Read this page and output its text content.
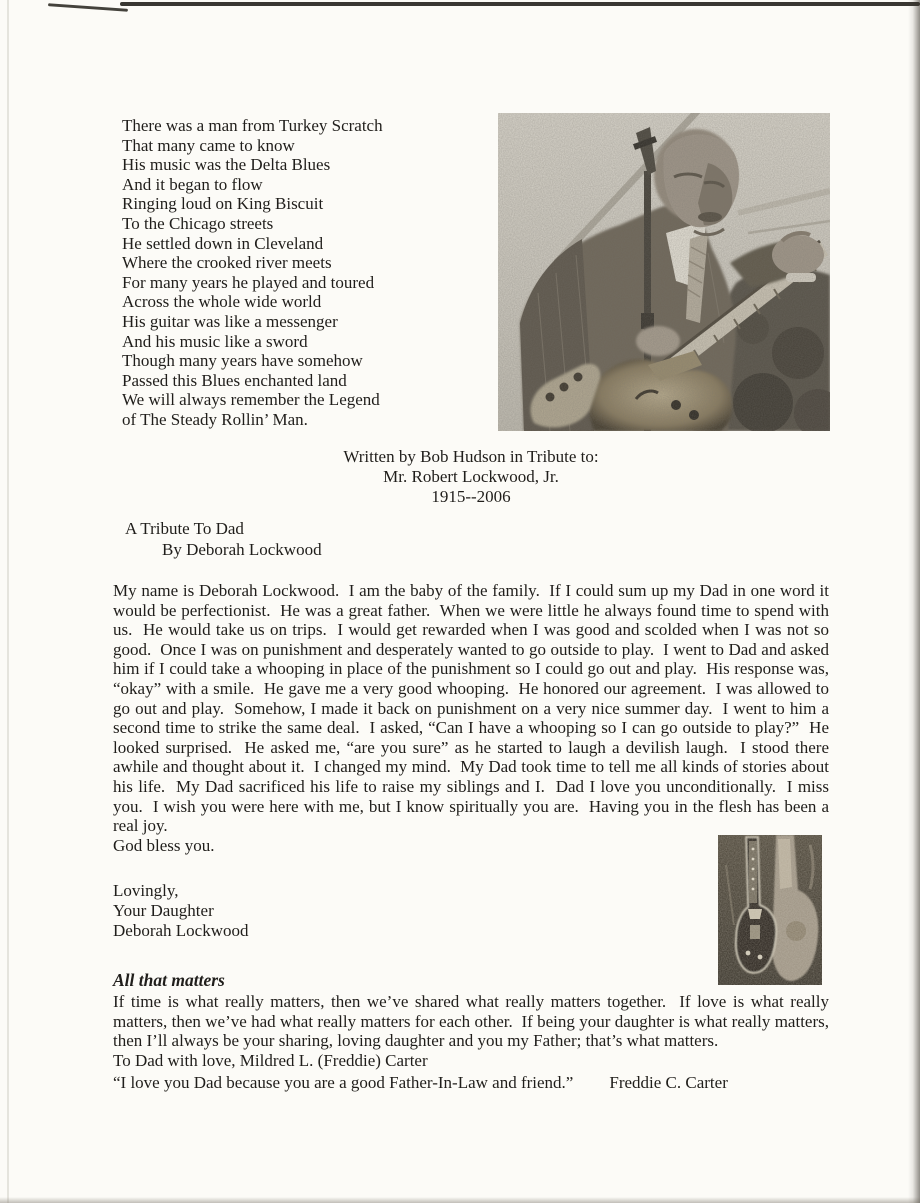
There was a man from Turkey Scratch
That many came to know
His music was the Delta Blues
And it began to flow
Ringing loud on King Biscuit
To the Chicago streets
He settled down in Cleveland
Where the crooked river meets
For many years he played and toured
Across the whole wide world
His guitar was like a messenger
And his music like a sword
Though many years have somehow
Passed this Blues enchanted land
We will always remember the Legend
of The Steady Rollin’ Man.
Written by Bob Hudson in Tribute to:
Mr. Robert Lockwood, Jr.
1915--2006
A Tribute To Dad
By Deborah Lockwood
My name is Deborah Lockwood.  I am the baby of the family.  If I could sum up my Dad in one word it would be perfectionist.  He was a great father.  When we were little he always found time to spend with us.  He would take us on trips.  I would get rewarded when I was good and scolded when I was not so good.  Once I was on punishment and desperately wanted to go outside to play.  I went to Dad and asked him if I could take a whooping in place of the punishment so I could go out and play.  His response was, “okay” with a smile.  He gave me a very good whooping.  He honored our agreement.  I was allowed to go out and play.  Somehow, I made it back on punishment on a very nice summer day.  I went to him a second time to strike the same deal.  I asked, “Can I have a whooping so I can go outside to play?”  He looked surprised.  He asked me, “are you sure” as he started to laugh a devilish laugh.  I stood there awhile and thought about it.  I changed my mind.  My Dad took time to tell me all kinds of stories about his life.  My Dad sacrificed his life to raise my siblings and I.  Dad I love you unconditionally.  I miss you.  I wish you were here with me, but I know spiritually you are.  Having you in the flesh has been a real joy.
God bless you.
Lovingly,
Your Daughter
Deborah Lockwood
All that matters
If time is what really matters, then we’ve shared what really matters together.  If love is what really matters, then we’ve had what really matters for each other.  If being your daughter is what really matters, then I’ll always be your sharing, loving daughter and you my Father; that’s what matters.
To Dad with love, Mildred L. (Freddie) Carter
“I love you Dad because you are a good Father-In-Law and friend.” Freddie C. Carter
